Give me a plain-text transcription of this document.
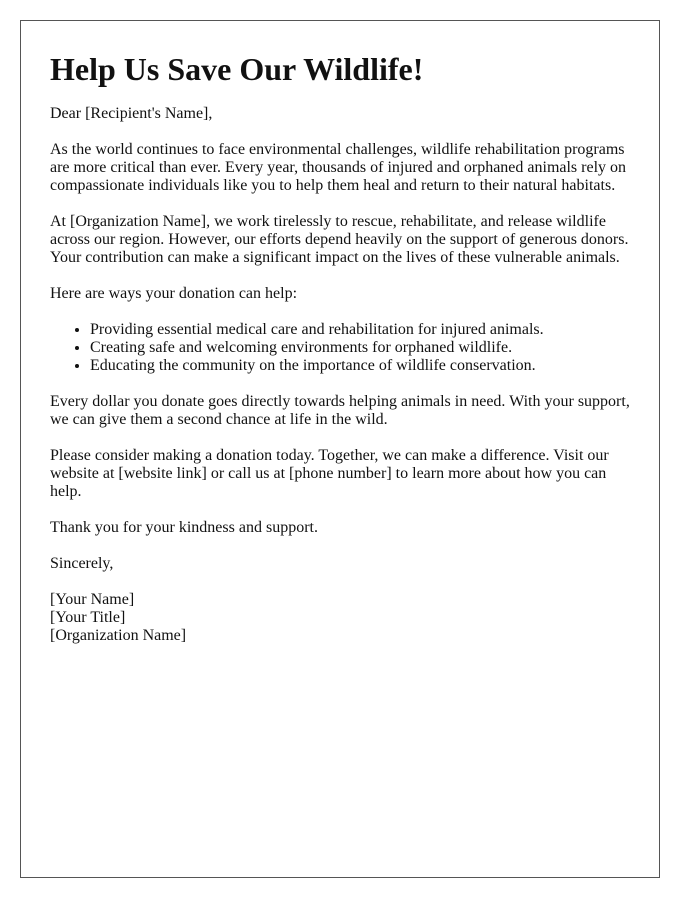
Help Us Save Our Wildlife!

Dear [Recipient's Name],

As the world continues to face environmental challenges, wildlife rehabilitation programs are more critical than ever. Every year, thousands of injured and orphaned animals rely on compassionate individuals like you to help them heal and return to their natural habitats.

At [Organization Name], we work tirelessly to rescue, rehabilitate, and release wildlife across our region. However, our efforts depend heavily on the support of generous donors. Your contribution can make a significant impact on the lives of these vulnerable animals.

Here are ways your donation can help:

• Providing essential medical care and rehabilitation for injured animals.
• Creating safe and welcoming environments for orphaned wildlife.
• Educating the community on the importance of wildlife conservation.

Every dollar you donate goes directly towards helping animals in need. With your support, we can give them a second chance at life in the wild.

Please consider making a donation today. Together, we can make a difference. Visit our website at [website link] or call us at [phone number] to learn more about how you can help.

Thank you for your kindness and support.

Sincerely,

[Your Name]
[Your Title]
[Organization Name]
